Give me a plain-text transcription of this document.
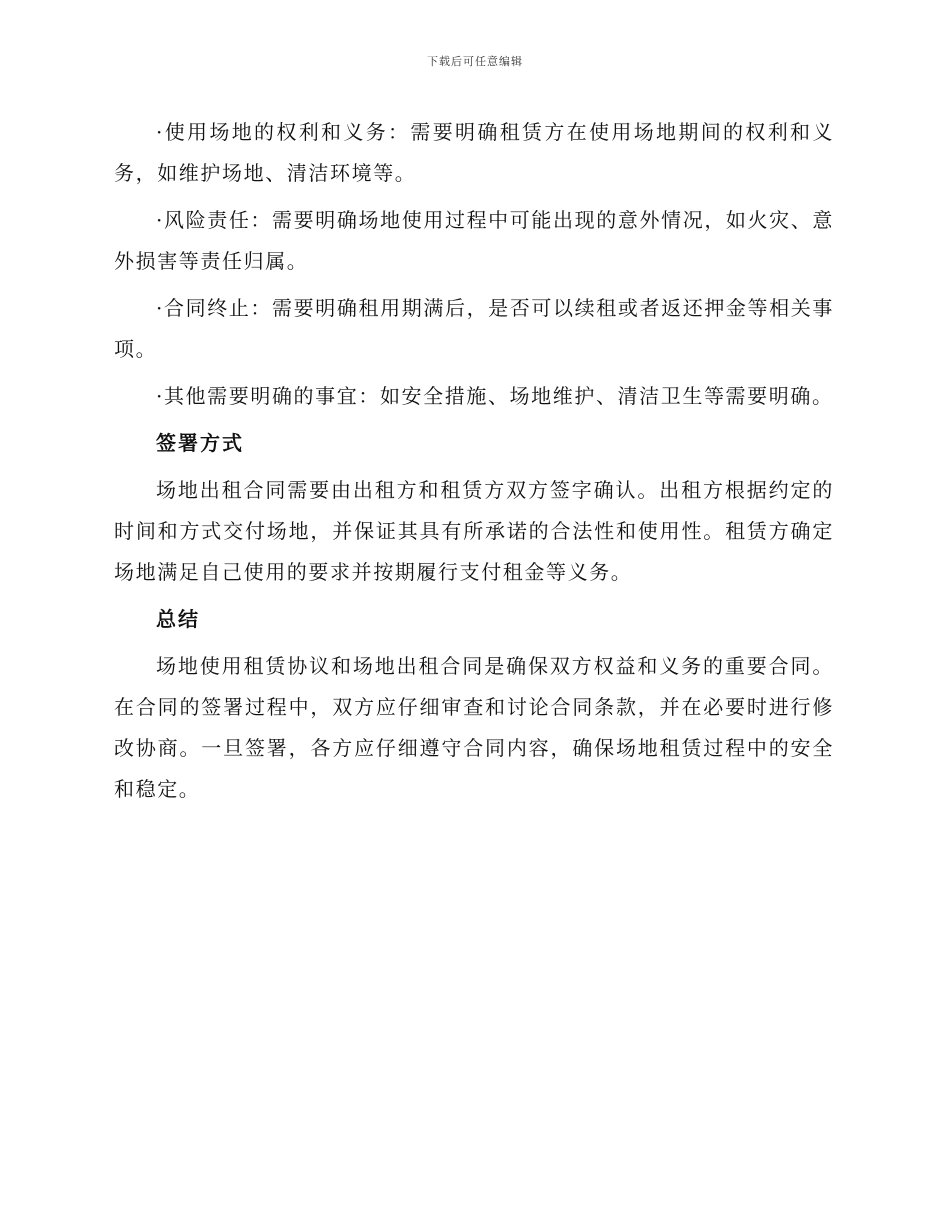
下载后可任意编辑

·使用场地的权利和义务：需要明确租赁方在使用场地期间的权利和义务，如维护场地、清洁环境等。

·风险责任：需要明确场地使用过程中可能出现的意外情况，如火灾、意外损害等责任归属。

·合同终止：需要明确租用期满后，是否可以续租或者返还押金等相关事项。

·其他需要明确的事宜：如安全措施、场地维护、清洁卫生等需要明确。

签署方式

场地出租合同需要由出租方和租赁方双方签字确认。出租方根据约定的时间和方式交付场地，并保证其具有所承诺的合法性和使用性。租赁方确定场地满足自己使用的要求并按期履行支付租金等义务。

总结

场地使用租赁协议和场地出租合同是确保双方权益和义务的重要合同。在合同的签署过程中，双方应仔细审查和讨论合同条款，并在必要时进行修改协商。一旦签署，各方应仔细遵守合同内容，确保场地租赁过程中的安全和稳定。
